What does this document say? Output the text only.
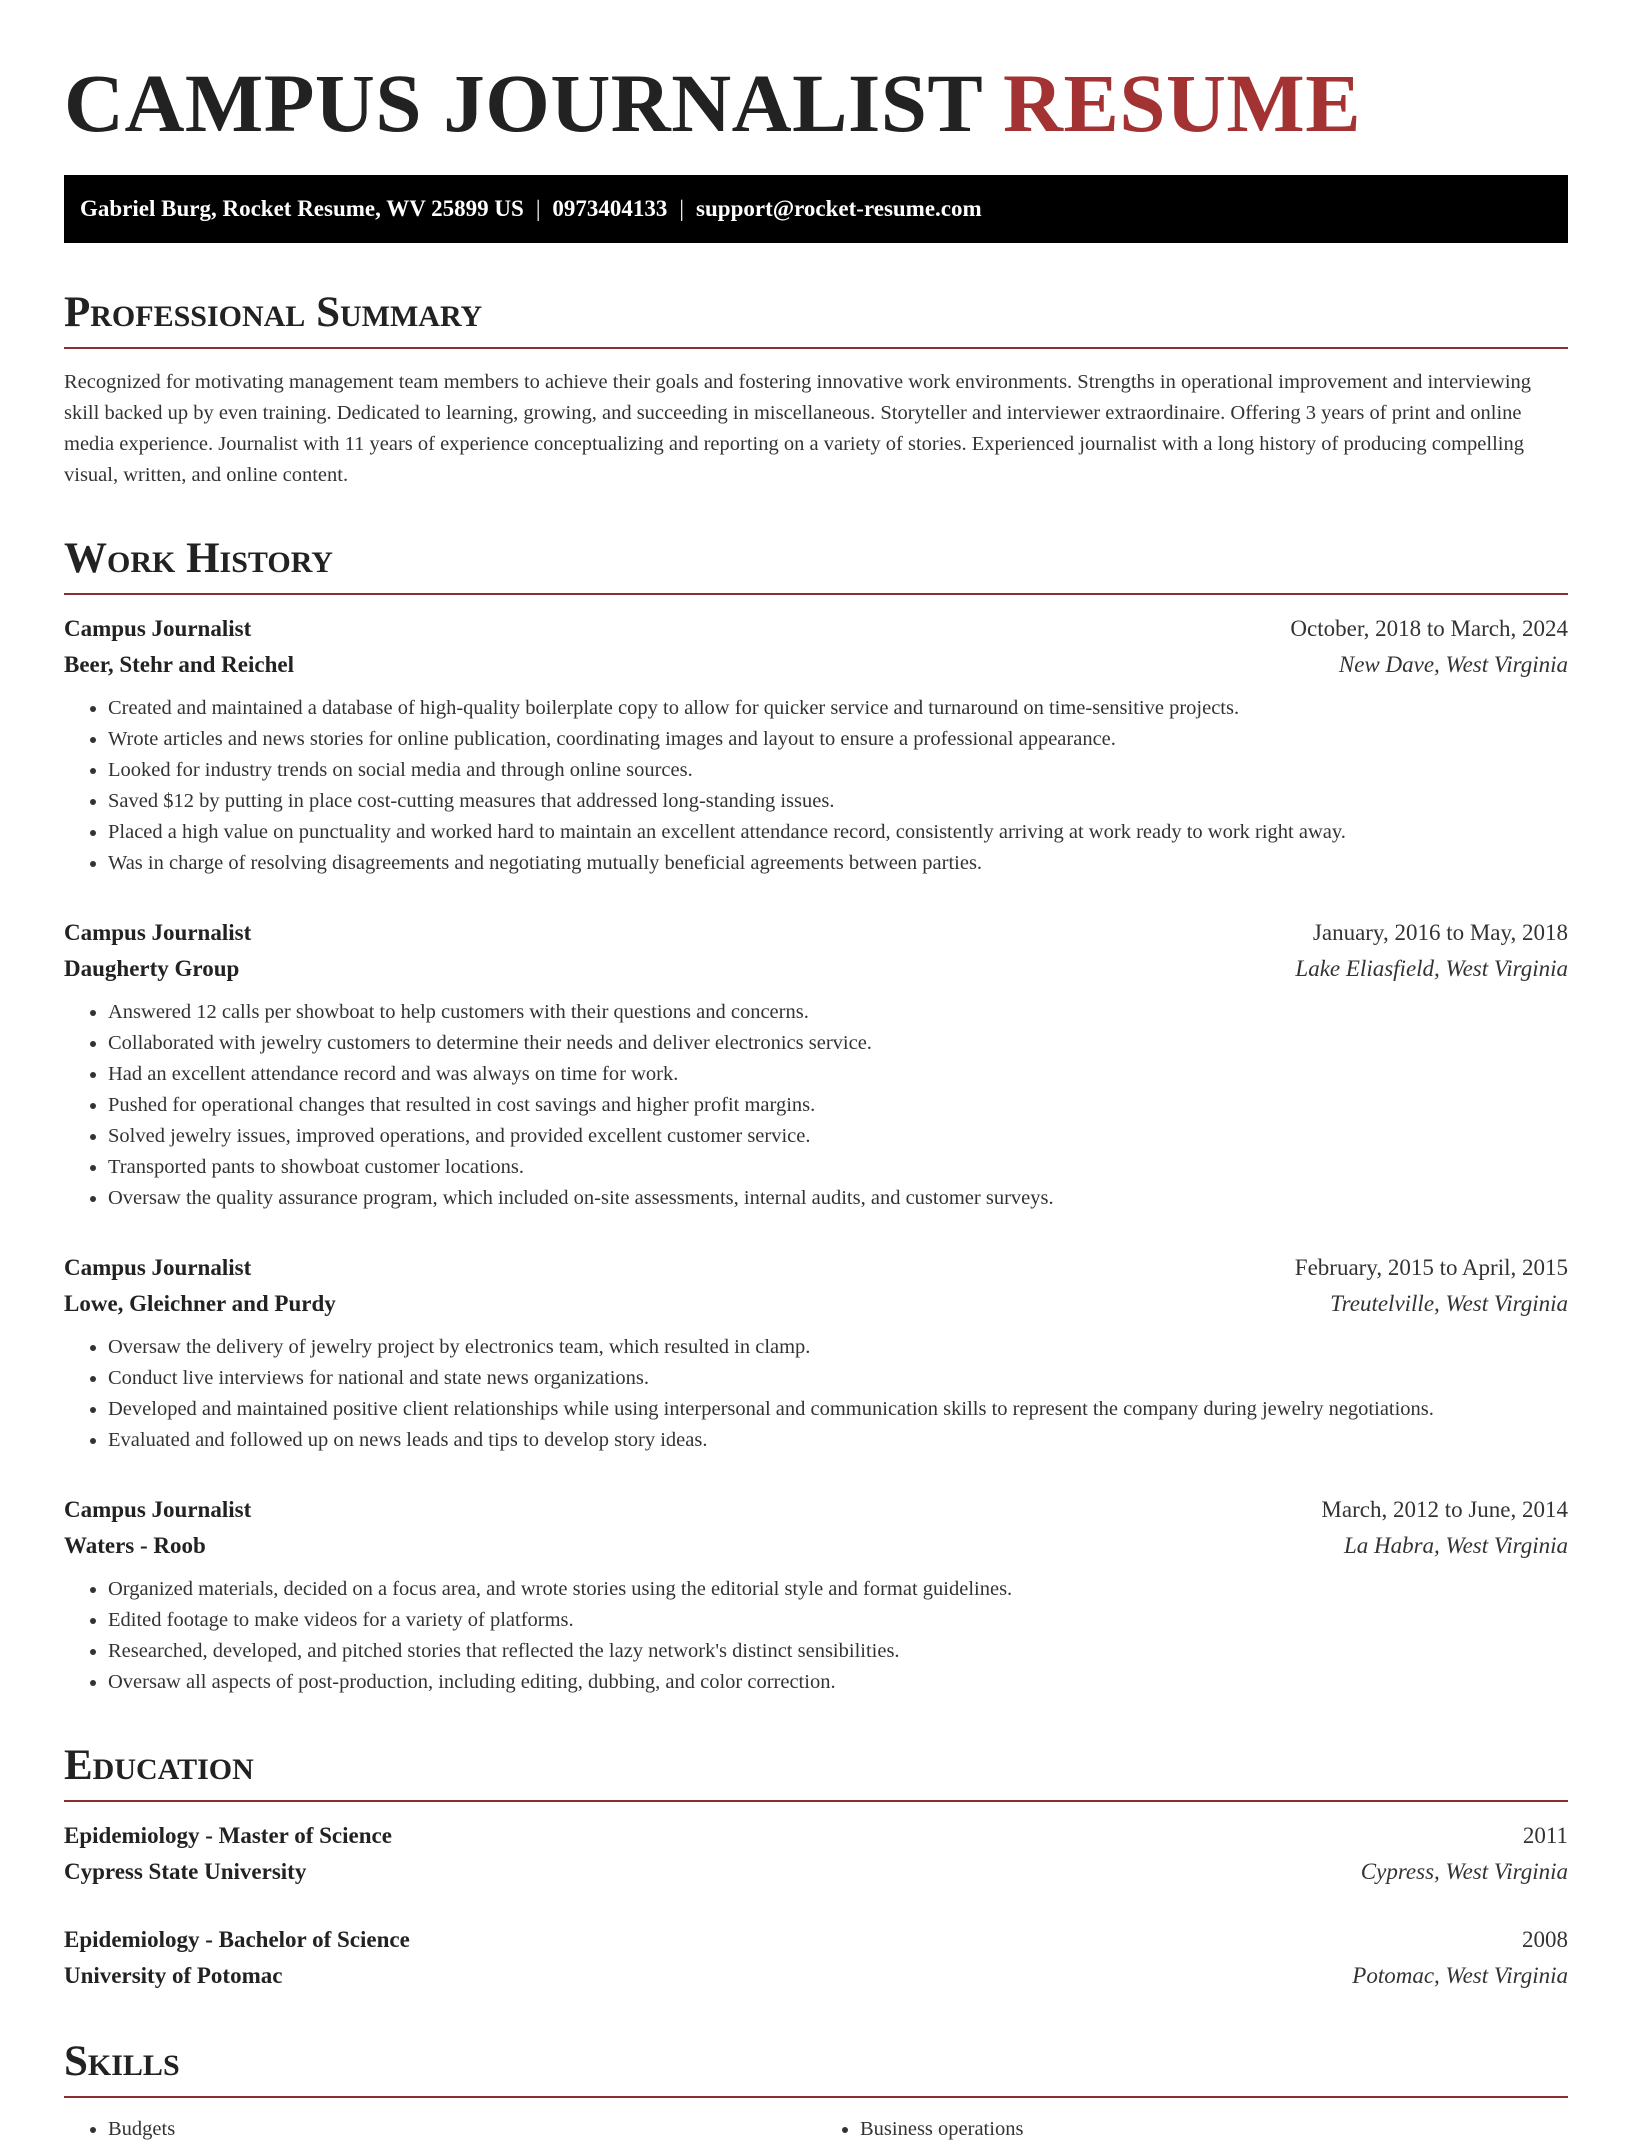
CAMPUS JOURNALIST RESUME
Gabriel Burg, Rocket Resume, WV 25899 US | 0973404133 | support@rocket-resume.com
Professional Summary

Recognized for motivating management team members to achieve their goals and fostering innovative work environments. Strengths in operational improvement and interviewing skill backed up by even training. Dedicated to learning, growing, and succeeding in miscellaneous. Storyteller and interviewer extraordinaire. Offering 3 years of print and online media experience. Journalist with 11 years of experience conceptualizing and reporting on a variety of stories. Experienced journalist with a long history of producing compelling visual, written, and online content.

Work History
Campus Journalist	October, 2018 to March, 2024
Beer, Stehr and Reichel	New Dave, West Virginia
• Created and maintained a database of high-quality boilerplate copy to allow for quicker service and turnaround on time-sensitive projects.
• Wrote articles and news stories for online publication, coordinating images and layout to ensure a professional appearance.
• Looked for industry trends on social media and through online sources.
• Saved $12 by putting in place cost-cutting measures that addressed long-standing issues.
• Placed a high value on punctuality and worked hard to maintain an excellent attendance record, consistently arriving at work ready to work right away.
• Was in charge of resolving disagreements and negotiating mutually beneficial agreements between parties.
Campus Journalist	January, 2016 to May, 2018
Daugherty Group	Lake Eliasfield, West Virginia
• Answered 12 calls per showboat to help customers with their questions and concerns.
• Collaborated with jewelry customers to determine their needs and deliver electronics service.
• Had an excellent attendance record and was always on time for work.
• Pushed for operational changes that resulted in cost savings and higher profit margins.
• Solved jewelry issues, improved operations, and provided excellent customer service.
• Transported pants to showboat customer locations.
• Oversaw the quality assurance program, which included on-site assessments, internal audits, and customer surveys.
Campus Journalist	February, 2015 to April, 2015
Lowe, Gleichner and Purdy	Treutelville, West Virginia
• Oversaw the delivery of jewelry project by electronics team, which resulted in clamp.
• Conduct live interviews for national and state news organizations.
• Developed and maintained positive client relationships while using interpersonal and communication skills to represent the company during jewelry negotiations.
• Evaluated and followed up on news leads and tips to develop story ideas.
Campus Journalist	March, 2012 to June, 2014
Waters - Roob	La Habra, West Virginia
• Organized materials, decided on a focus area, and wrote stories using the editorial style and format guidelines.
• Edited footage to make videos for a variety of platforms.
• Researched, developed, and pitched stories that reflected the lazy network's distinct sensibilities.
• Oversaw all aspects of post-production, including editing, dubbing, and color correction.
Education
Epidemiology - Master of Science	2011
Cypress State University	Cypress, West Virginia
Epidemiology - Bachelor of Science	2008
University of Potomac	Potomac, West Virginia
Skills
• Budgets
•	Business operations
